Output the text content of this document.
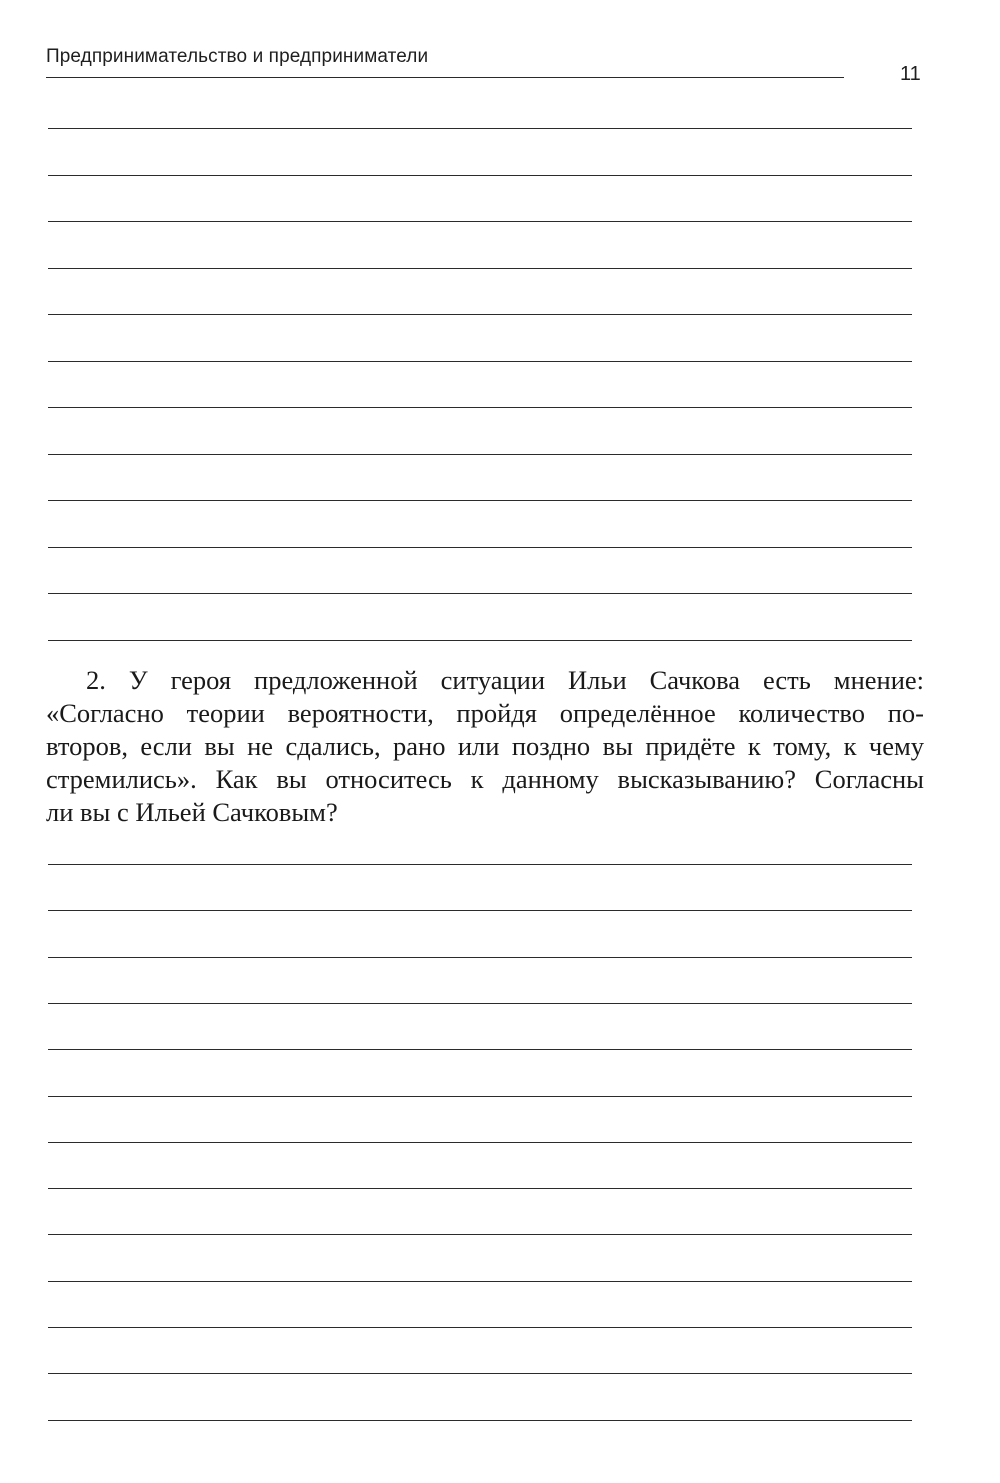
Предпринимательство и предприниматели
11
2. У героя предложенной ситуации Ильи Сачкова есть мнение:
«Согласно теории вероятности, пройдя определённое количество по-
второв, если вы не сдались, рано или поздно вы придёте к тому, к чему
стремились». Как вы относитесь к данному высказыванию? Согласны
ли вы с Ильей Сачковым?
